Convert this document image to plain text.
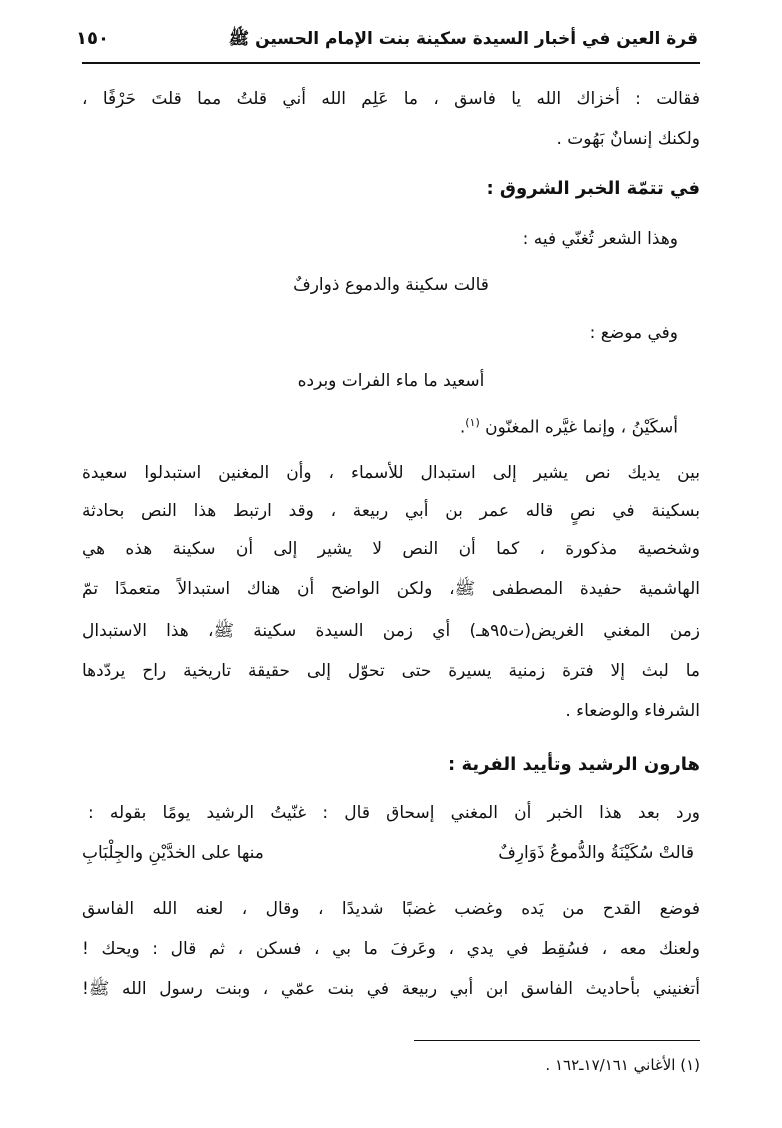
قرة العين في أخبار السيدة سكينة بنت الإمام الحسين ﷺ
١٥٠
فقالت : أخزاك الله يا فاسق ، ما عَلِم الله أني قلتُ مما قلتَ حَرْفًا ،
ولكنك إنسانٌ بَهُوت .
في تتمّة الخبر الشروق :
وهذا الشعر تُغنّي فيه :
قالت سكينة والدموع ذوارفٌ
وفي موضع :
أسعيد ما ماء الفرات وبرده
أسكَيْنُ ، وإنما غيَّره المغنّون $^{(١)}$.
بين يديك نص يشير إلى استبدال للأسماء ، وأن المغنين استبدلوا سعيدة
بسكينة في نصٍ قاله عمر بن أبي ربيعة ، وقد ارتبط هذا النص بحادثة
وشخصية مذكورة ، كما أن النص لا يشير إلى أن سكينة هذه هي
الهاشمية حفيدة المصطفى ﷺ، ولكن الواضح أن هناك استبدالاً متعمدًا تمّ
زمن المغني الغريض(ت٩٥هـ) أي زمن السيدة سكينة ﷺ، هذا الاستبدال
ما لبث إلا فترة زمنية يسيرة حتى تحوّل إلى حقيقة تاريخية راح يردّدها
الشرفاء والوضعاء .
هارون الرشيد وتأييد الفرية :
ورد بعد هذا الخبر أن المغني إسحاق قال : غنّيتُ الرشيد يومًا بقوله :
قالتْ سُكَيْنَةُ والدُّموعُ ذَوَارِفٌ
منها على الخدَّيْنِ والجِلْبَابِ
فوضع القدح من يَده وغضب غضبًا شديدًا ، وقال ، لعنه الله الفاسق
ولعنك معه ، فسُقِط في يدي ، وعَرفَ ما بي ، فسكن ، ثم قال : ويحك !
أتغنيني بأحاديث الفاسق ابن أبي ربيعة في بنت عمّي ، وبنت رسول الله ﷺ!
(١) الأغاني ١٧/١٦١ـ١٦٢ .
